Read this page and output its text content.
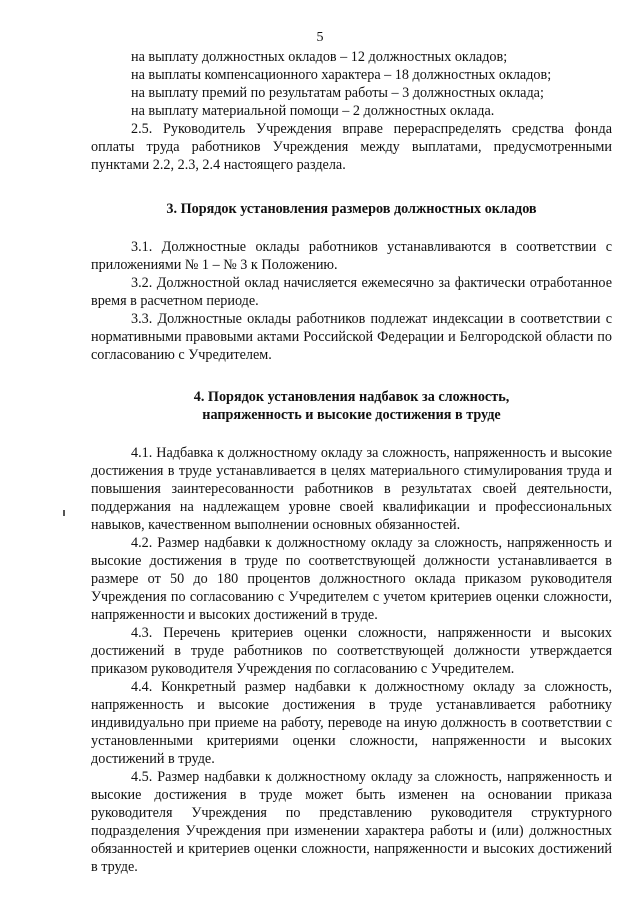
5
на выплату должностных окладов – 12 должностных окладов;
на выплаты компенсационного характера – 18 должностных окладов;
на выплату премий по результатам работы – 3 должностных оклада;
на выплату материальной помощи – 2 должностных оклада.

2.5. Руководитель Учреждения вправе перераспределять средства фонда оплаты труда работников Учреждения между выплатами, предусмотренными пунктами 2.2, 2.3, 2.4 настоящего раздела.

3. Порядок установления размеров должностных окладов

3.1. Должностные оклады работников устанавливаются в соответствии с приложениями № 1 – № 3 к Положению.

3.2. Должностной оклад начисляется ежемесячно за фактически отработанное время в расчетном периоде.

3.3. Должностные оклады работников подлежат индексации в соответствии с нормативными правовыми актами Российской Федерации и Белгородской области по согласованию с Учредителем.

4. Порядок установления надбавок за сложность,
напряженность и высокие достижения в труде

4.1. Надбавка к должностному окладу за сложность, напряженность и высокие достижения в труде устанавливается в целях материального стимулирования труда и повышения заинтересованности работников в результатах своей деятельности, поддержания на надлежащем уровне своей квалификации и профессиональных навыков, качественном выполнении основных обязанностей.

4.2. Размер надбавки к должностному окладу за сложность, напряженность и высокие достижения в труде по соответствующей должности устанавливается в размере от 50 до 180 процентов должностного оклада приказом руководителя Учреждения по согласованию с Учредителем с учетом критериев оценки сложности, напряженности и высоких достижений в труде.

4.3. Перечень критериев оценки сложности, напряженности и высоких достижений в труде работников по соответствующей должности утверждается приказом руководителя Учреждения по согласованию с Учредителем.

4.4. Конкретный размер надбавки к должностному окладу за сложность, напряженность и высокие достижения в труде устанавливается работнику индивидуально при приеме на работу, переводе на иную должность в соответствии с установленными критериями оценки сложности, напряженности и высоких достижений в труде.

4.5. Размер надбавки к должностному окладу за сложность, напряженность и высокие достижения в труде может быть изменен на основании приказа руководителя Учреждения по представлению руководителя структурного подразделения Учреждения при изменении характера работы и (или) должностных обязанностей и критериев оценки сложности, напряженности и высоких достижений в труде.
